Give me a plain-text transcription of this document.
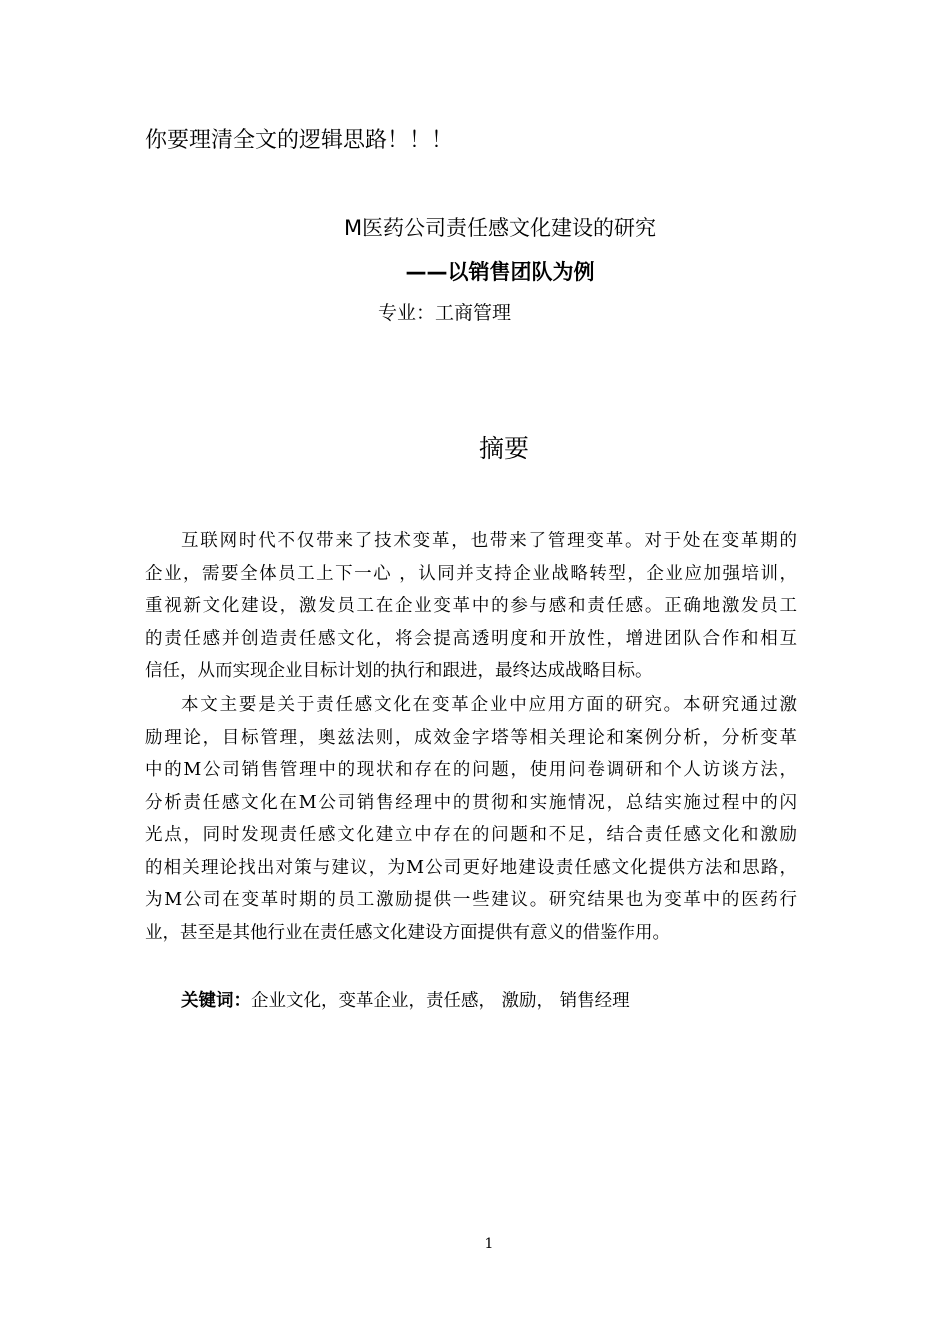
你要理清全文的逻辑思路！！！
M医药公司责任感文化建设的研究
——以销售团队为例
专业：工商管理
摘要
互联网时代不仅带来了技术变革，也带来了管理变革。对于处在变革期的
企业，需要全体员工上下一心 ，认同并支持企业战略转型，企业应加强培训，
重视新文化建设，激发员工在企业变革中的参与感和责任感。正确地激发员工
的责任感并创造责任感文化，将会提高透明度和开放性，增进团队合作和相互
信任，从而实现企业目标计划的执行和跟进，最终达成战略目标。
本文主要是关于责任感文化在变革企业中应用方面的研究。本研究通过激
励理论，目标管理，奥兹法则，成效金字塔等相关理论和案例分析，分析变革
中的M公司销售管理中的现状和存在的问题，使用问卷调研和个人访谈方法，
分析责任感文化在M公司销售经理中的贯彻和实施情况，总结实施过程中的闪
光点，同时发现责任感文化建立中存在的问题和不足，结合责任感文化和激励
的相关理论找出对策与建议，为M公司更好地建设责任感文化提供方法和思路，
为M公司在变革时期的员工激励提供一些建议。研究结果也为变革中的医药行
业，甚至是其他行业在责任感文化建设方面提供有意义的借鉴作用。
关键词：企业文化，变革企业，责任感， 激励， 销售经理
1
